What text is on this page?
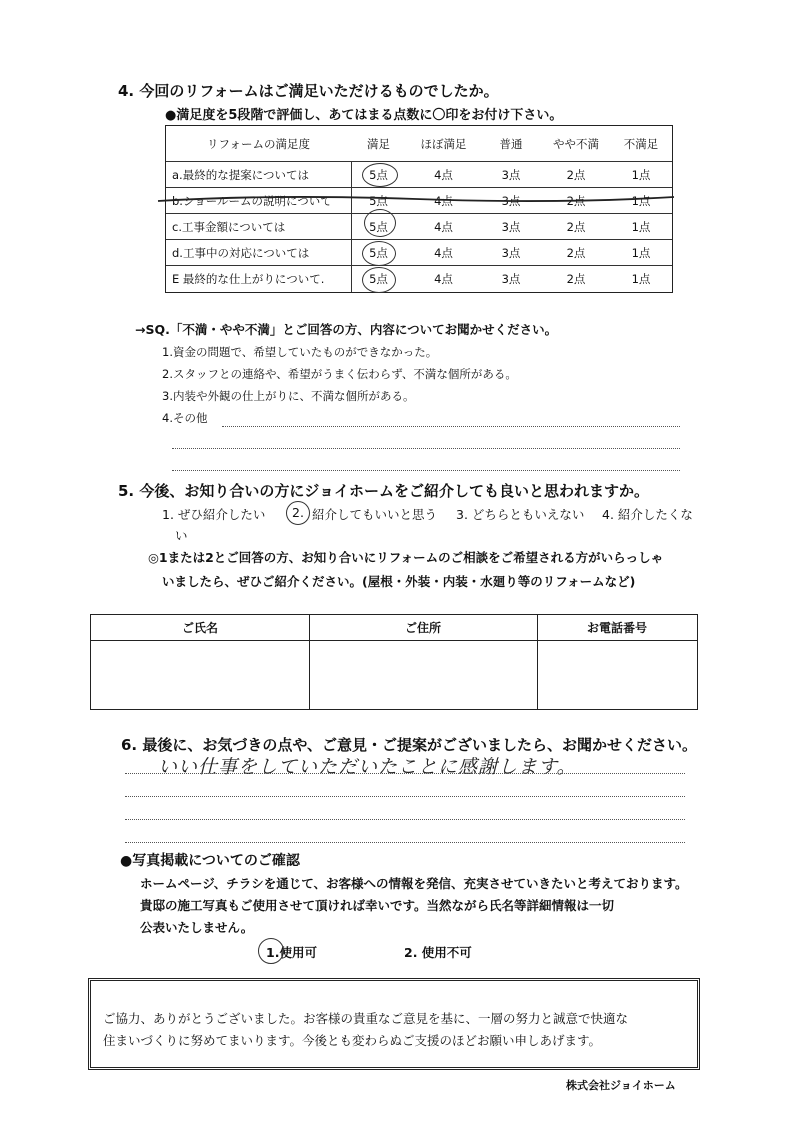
4. 今回のリフォームはご満足いただけるものでしたか。
●満足度を5段階で評価し、あてはまる点数に〇印をお付け下さい。
リフォームの満足度	満足	ほぼ満足	普通	やや不満	不満足
a.最終的な提案については	5点	4点	3点	2点	1点
b.ショールームの説明について	5点	4点	3点	2点	1点
c.工事金額については	5点	4点	3点	2点	1点
d.工事中の対応については	5点	4点	3点	2点	1点
E 最終的な仕上がりについて.	5点	4点	3点	2点	1点
→SQ.「不満・やや不満」とご回答の方、内容についてお聞かせください。
1.資金の問題で、希望していたものができなかった。
2.スタッフとの連絡や、希望がうまく伝わらず、不満な個所がある。
3.内装や外観の仕上がりに、不満な個所がある。
4.その他
5. 今後、お知り合いの方にジョイホームをご紹介しても良いと思われますか。
1. ぜひ紹介したい 2. 紹介してもいいと思う 3. どちらともいえない 4. 紹介したくな
い
◎1または2とご回答の方、お知り合いにリフォームのご相談をご希望される方がいらっしゃ
いましたら、ぜひご紹介ください。(屋根・外装・内装・水廻り等のリフォームなど)
ご氏名	ご住所	お電話番号
6. 最後に、お気づきの点や、ご意見・ご提案がございましたら、お聞かせください。
いい仕事をしていただいたことに感謝します。
●写真掲載についてのご確認
ホームページ、チラシを通じて、お客様への情報を発信、充実させていきたいと考えております。
貴邸の施工写真もご使用させて頂ければ幸いです。当然ながら氏名等詳細情報は一切
公表いたしません。
1.使用可	2. 使用不可
ご協力、ありがとうございました。お客様の貴重なご意見を基に、一層の努力と誠意で快適な
住まいづくりに努めてまいります。今後とも変わらぬご支援のほどお願い申しあげます。
株式会社ジョイホーム
